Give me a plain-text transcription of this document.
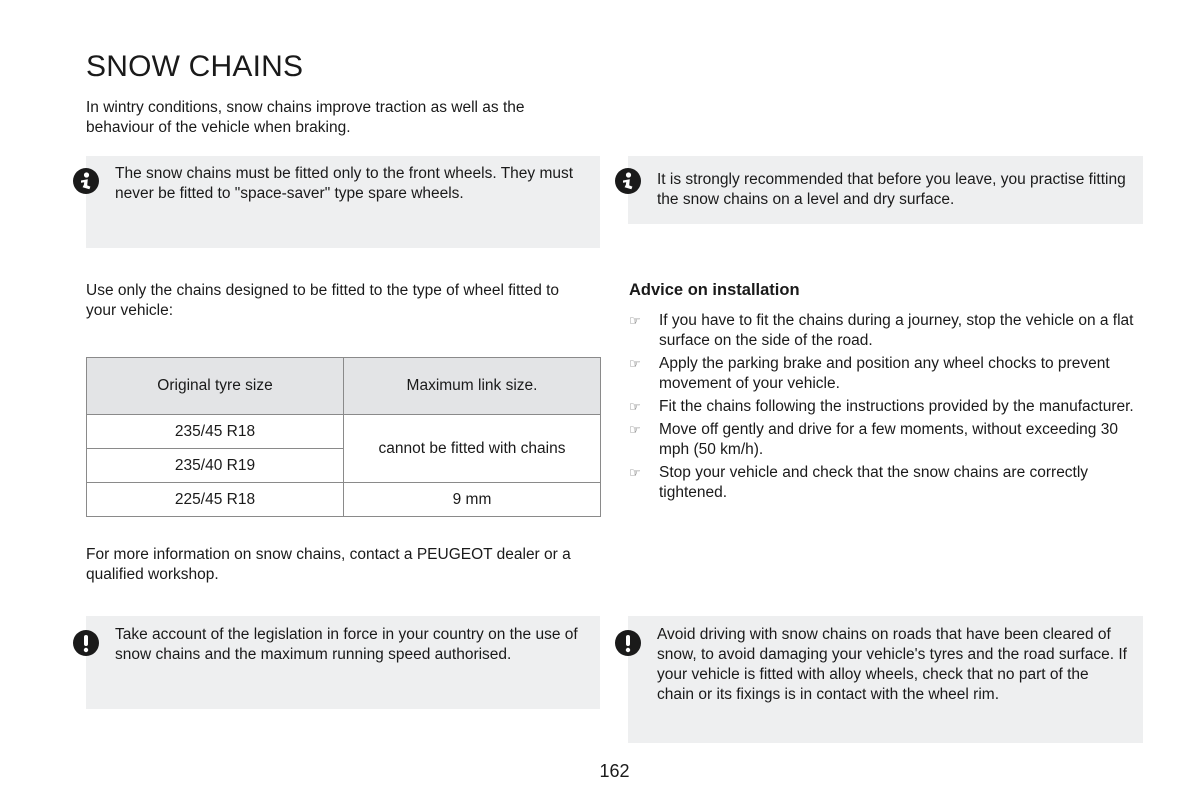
SNOW CHAINS

In wintry conditions, snow chains improve traction as well as the behaviour of the vehicle when braking.

The snow chains must be fitted only to the front wheels. They must never be fitted to "space-saver" type spare wheels.

It is strongly recommended that before you leave, you practise fitting the snow chains on a level and dry surface.

Use only the chains designed to be fitted to the type of wheel fitted to your vehicle:

Original tyre size	Maximum link size.
235/45 R18	cannot be fitted with chains
235/40 R19	
225/45 R18	9 mm

For more information on snow chains, contact a PEUGEOT dealer or a qualified workshop.

Advice on installation
☞ If you have to fit the chains during a journey, stop the vehicle on a flat surface on the side of the road.
☞ Apply the parking brake and position any wheel chocks to prevent movement of your vehicle.
☞ Fit the chains following the instructions provided by the manufacturer.
☞ Move off gently and drive for a few moments, without exceeding 30 mph (50 km/h).
☞ Stop your vehicle and check that the snow chains are correctly tightened.

Take account of the legislation in force in your country on the use of snow chains and the maximum running speed authorised.

Avoid driving with snow chains on roads that have been cleared of snow, to avoid damaging your vehicle's tyres and the road surface. If your vehicle is fitted with alloy wheels, check that no part of the chain or its fixings is in contact with the wheel rim.

162
